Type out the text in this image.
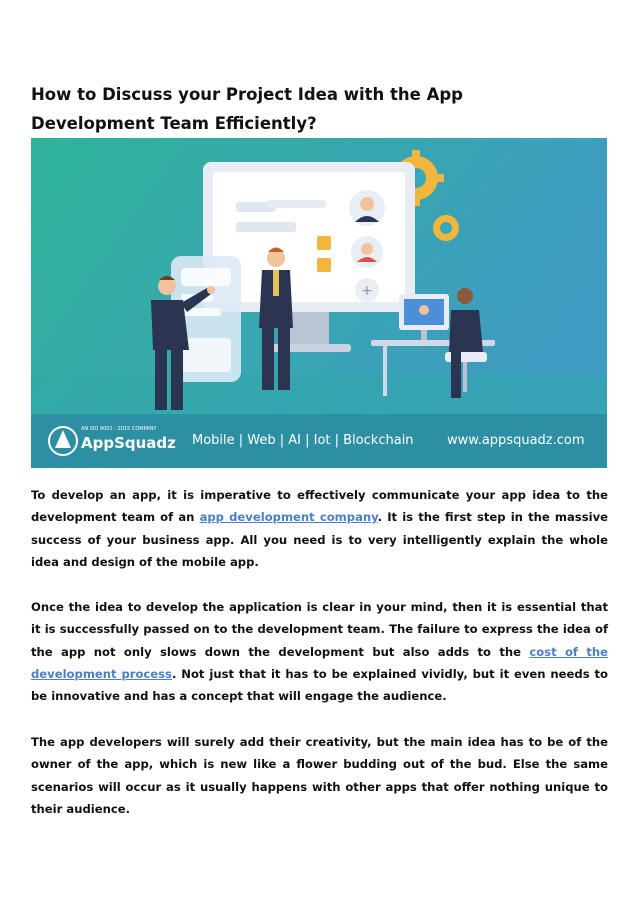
How to Discuss your Project Idea with the App Development Team Efficiently?
+
AN ISO 9001 : 2015 COMPANY
AppSquadz Mobile | Web | AI | Iot | Blockchain	www.appsquadz.com

To develop an app, it is imperative to effectively communicate your app idea to the development team of an app development company. It is the first step in the massive success of your business app. All you need is to very intelligently explain the whole idea and design of the mobile app.

Once the idea to develop the application is clear in your mind, then it is essential that it is successfully passed on to the development team. The failure to express the idea of the app not only slows down the development but also adds to the cost of the development process. Not just that it has to be explained vividly, but it even needs to be innovative and has a concept that will engage the audience.

The app developers will surely add their creativity, but the main idea has to be of the owner of the app, which is new like a flower budding out of the bud. Else the same scenarios will occur as it usually happens with other apps that offer nothing unique to their audience.
